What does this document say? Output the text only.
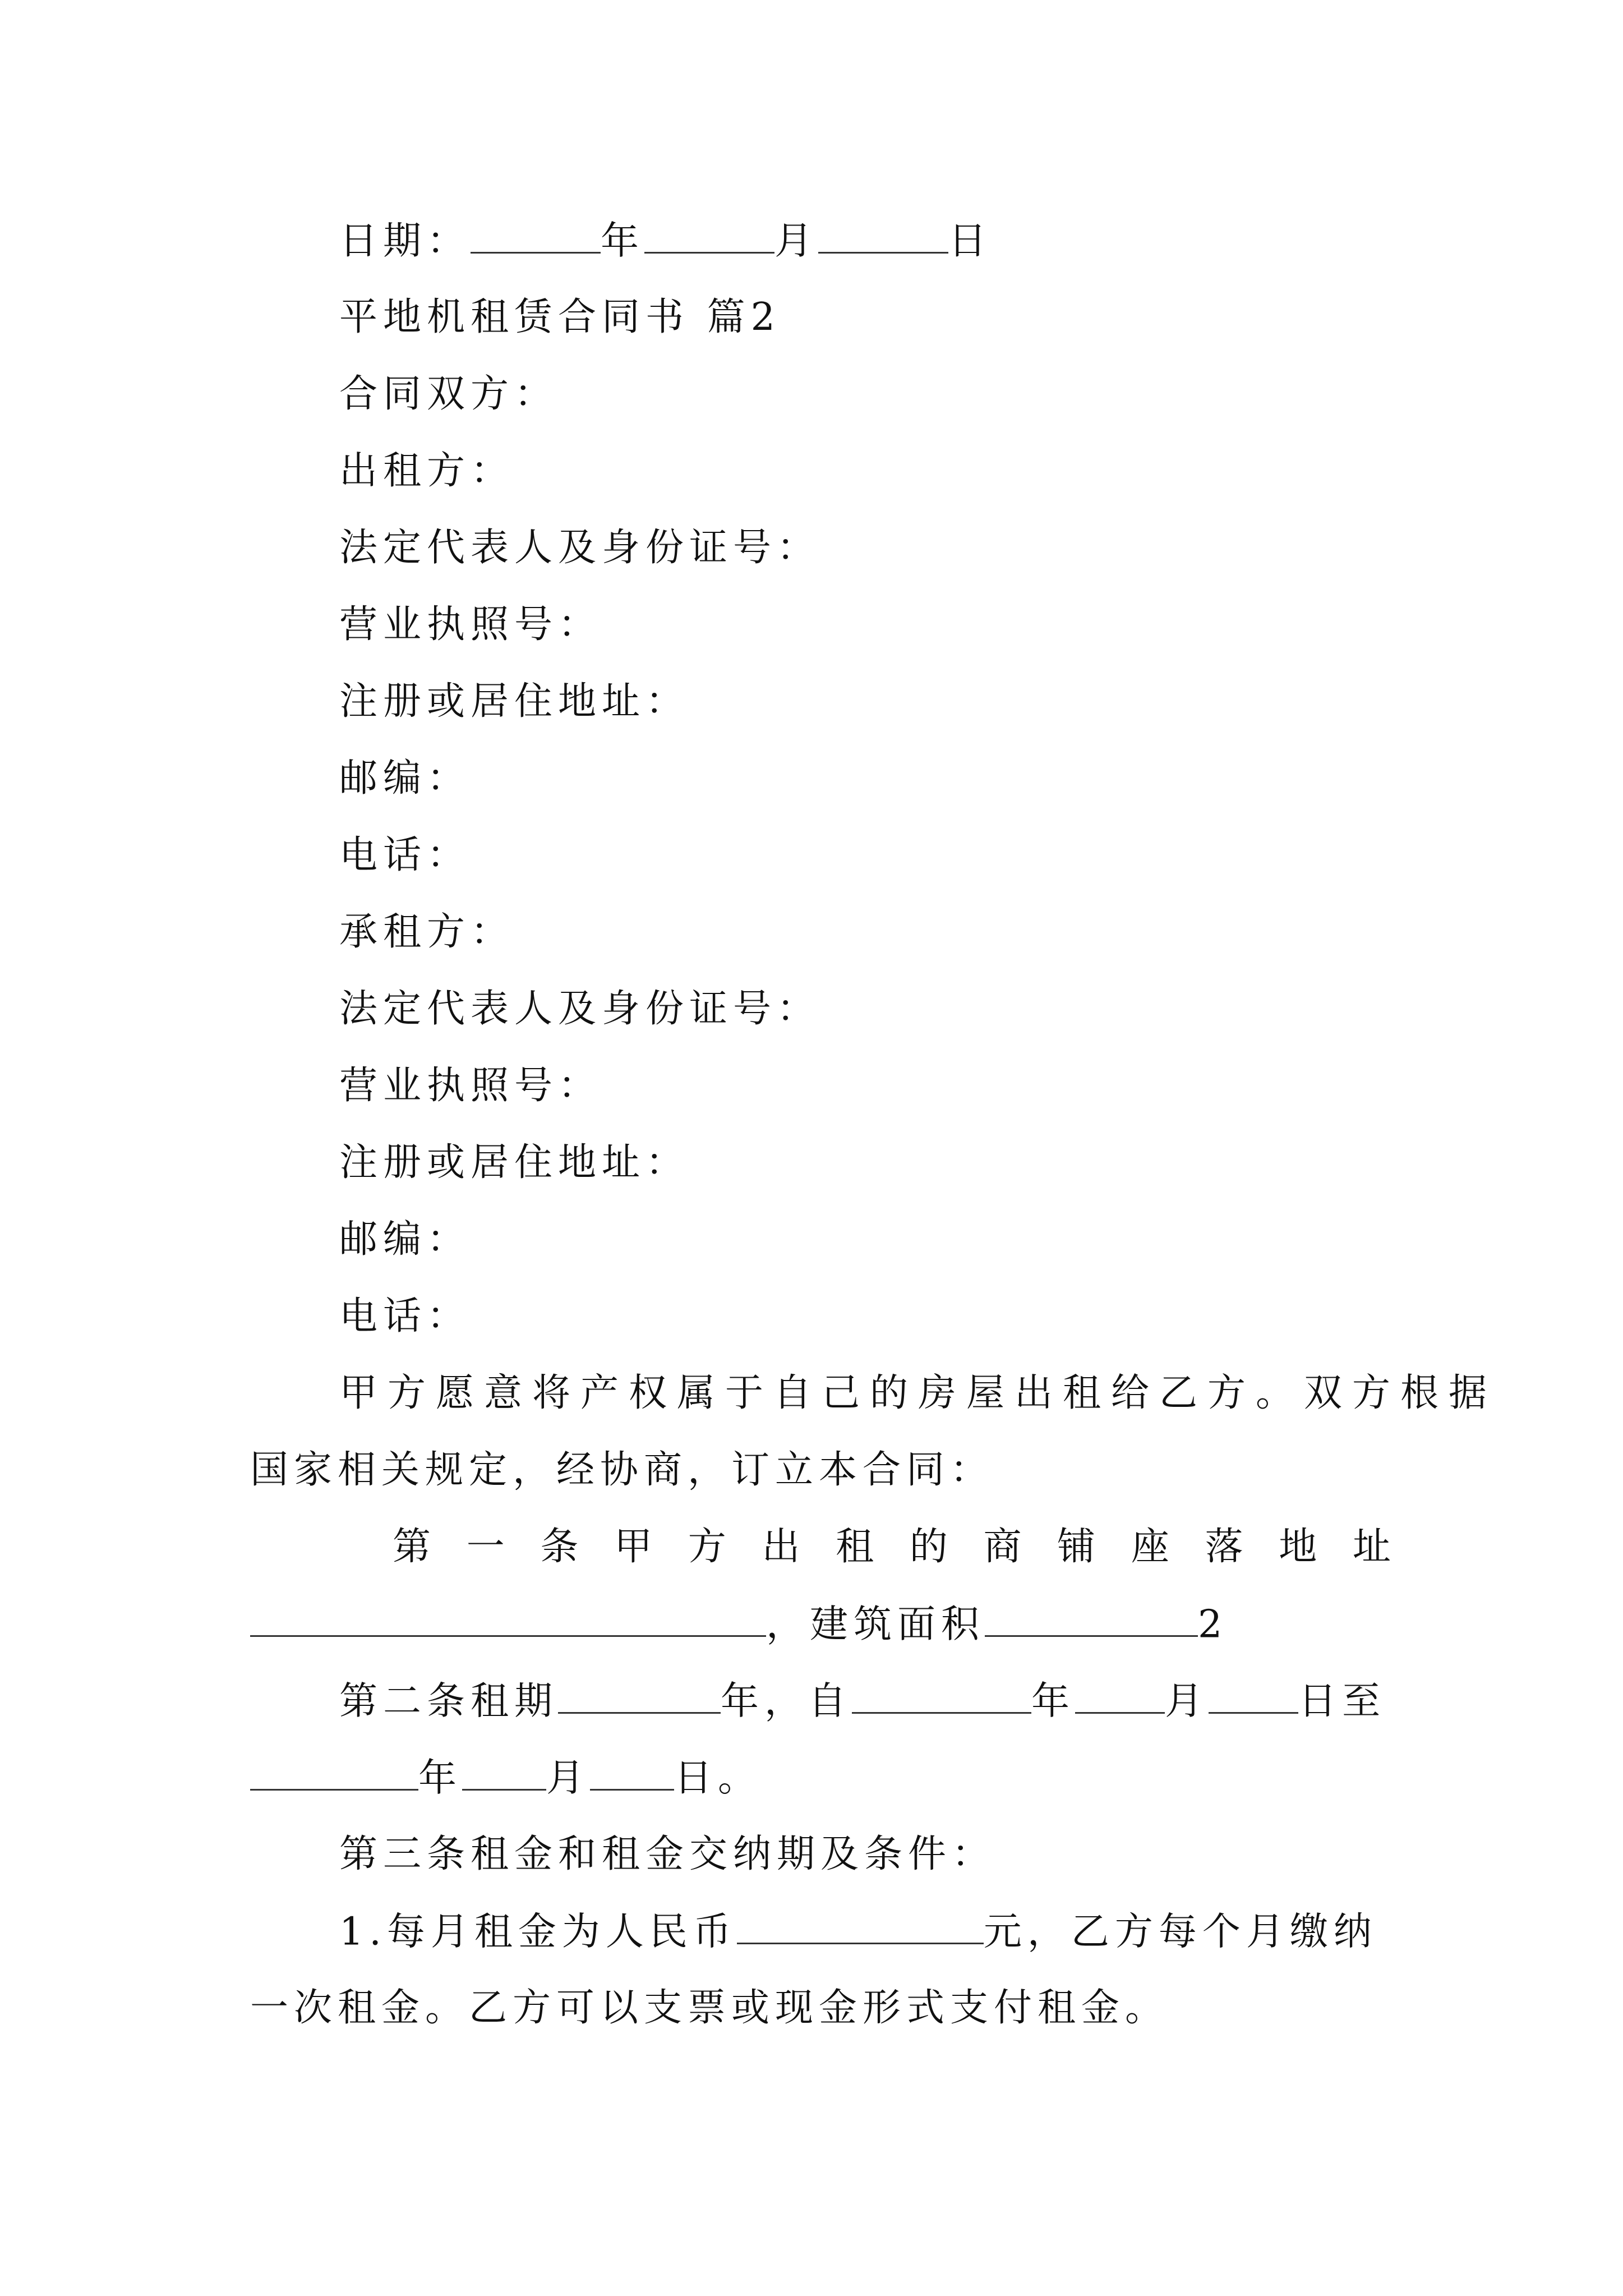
日期：	年	月	日
平地机租赁合同书 篇2
合同双方：
出租方：
法定代表人及身份证号：
营业执照号：
注册或居住地址：
邮编：
电话：
承租方：
法定代表人及身份证号：
营业执照号：
注册或居住地址：
邮编：
电话：
甲方愿意将产权属于自己的房屋出租给乙方。双方根据
国家相关规定，经协商，订立本合同：
第 一 条 甲 方 出 租 的 商 铺 座 落 地 址
，建筑面积	2
第二条租期	年，自	年 月 日至
年 月 日。
第三条租金和租金交纳期及条件：
1.每月租金为人民币	元，乙方每个月缴纳
一次租金。乙方可以支票或现金形式支付租金。
